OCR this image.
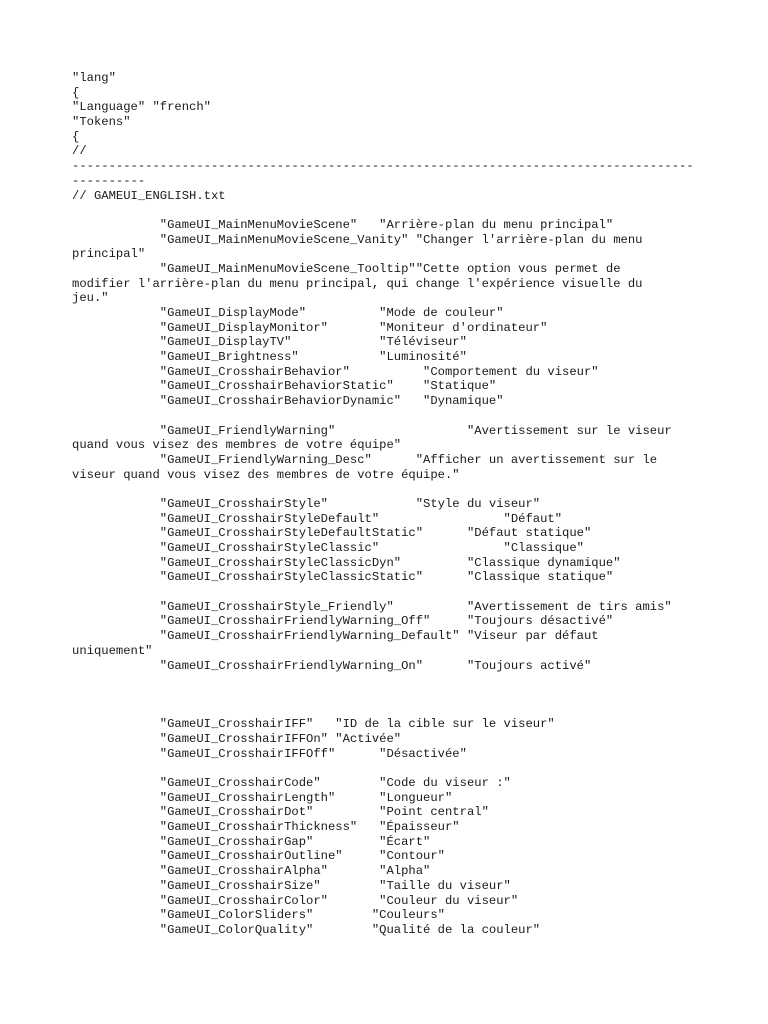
"lang"
{
"Language" "french"
"Tokens"
{
//
-------------------------------------------------------------------------------------
----------
// GAMEUI_ENGLISH.txt
"GameUI_MainMenuMovieScene"   "Arrière-plan du menu principal"
"GameUI_MainMenuMovieScene_Vanity" "Changer l'arrière-plan du menu
principal"
"GameUI_MainMenuMovieScene_Tooltip""Cette option vous permet de
modifier l'arrière-plan du menu principal, qui change l'expérience visuelle du
jeu."
"GameUI_DisplayMode"          "Mode de couleur"
"GameUI_DisplayMonitor"       "Moniteur d'ordinateur"
"GameUI_DisplayTV"            "Téléviseur"
"GameUI_Brightness"           "Luminosité"
"GameUI_CrosshairBehavior"          "Comportement du viseur"
"GameUI_CrosshairBehaviorStatic"    "Statique"
"GameUI_CrosshairBehaviorDynamic"   "Dynamique"
"GameUI_FriendlyWarning"                  "Avertissement sur le viseur
quand vous visez des membres de votre équipe"
"GameUI_FriendlyWarning_Desc"      "Afficher un avertissement sur le
viseur quand vous visez des membres de votre équipe."
"GameUI_CrosshairStyle"            "Style du viseur"
"GameUI_CrosshairStyleDefault"                 "Défaut"
"GameUI_CrosshairStyleDefaultStatic"      "Défaut statique"
"GameUI_CrosshairStyleClassic"                 "Classique"
"GameUI_CrosshairStyleClassicDyn"         "Classique dynamique"
"GameUI_CrosshairStyleClassicStatic"      "Classique statique"
"GameUI_CrosshairStyle_Friendly"          "Avertissement de tirs amis"
"GameUI_CrosshairFriendlyWarning_Off"     "Toujours désactivé"
"GameUI_CrosshairFriendlyWarning_Default" "Viseur par défaut
uniquement"
"GameUI_CrosshairFriendlyWarning_On"      "Toujours activé"
"GameUI_CrosshairIFF"   "ID de la cible sur le viseur"
"GameUI_CrosshairIFFOn" "Activée"
"GameUI_CrosshairIFFOff"      "Désactivée"
"GameUI_CrosshairCode"        "Code du viseur :"
"GameUI_CrosshairLength"      "Longueur"
"GameUI_CrosshairDot"         "Point central"
"GameUI_CrosshairThickness"   "Épaisseur"
"GameUI_CrosshairGap"         "Écart"
"GameUI_CrosshairOutline"     "Contour"
"GameUI_CrosshairAlpha"       "Alpha"
"GameUI_CrosshairSize"        "Taille du viseur"
"GameUI_CrosshairColor"       "Couleur du viseur"
"GameUI_ColorSliders"        "Couleurs"
"GameUI_ColorQuality"        "Qualité de la couleur"
